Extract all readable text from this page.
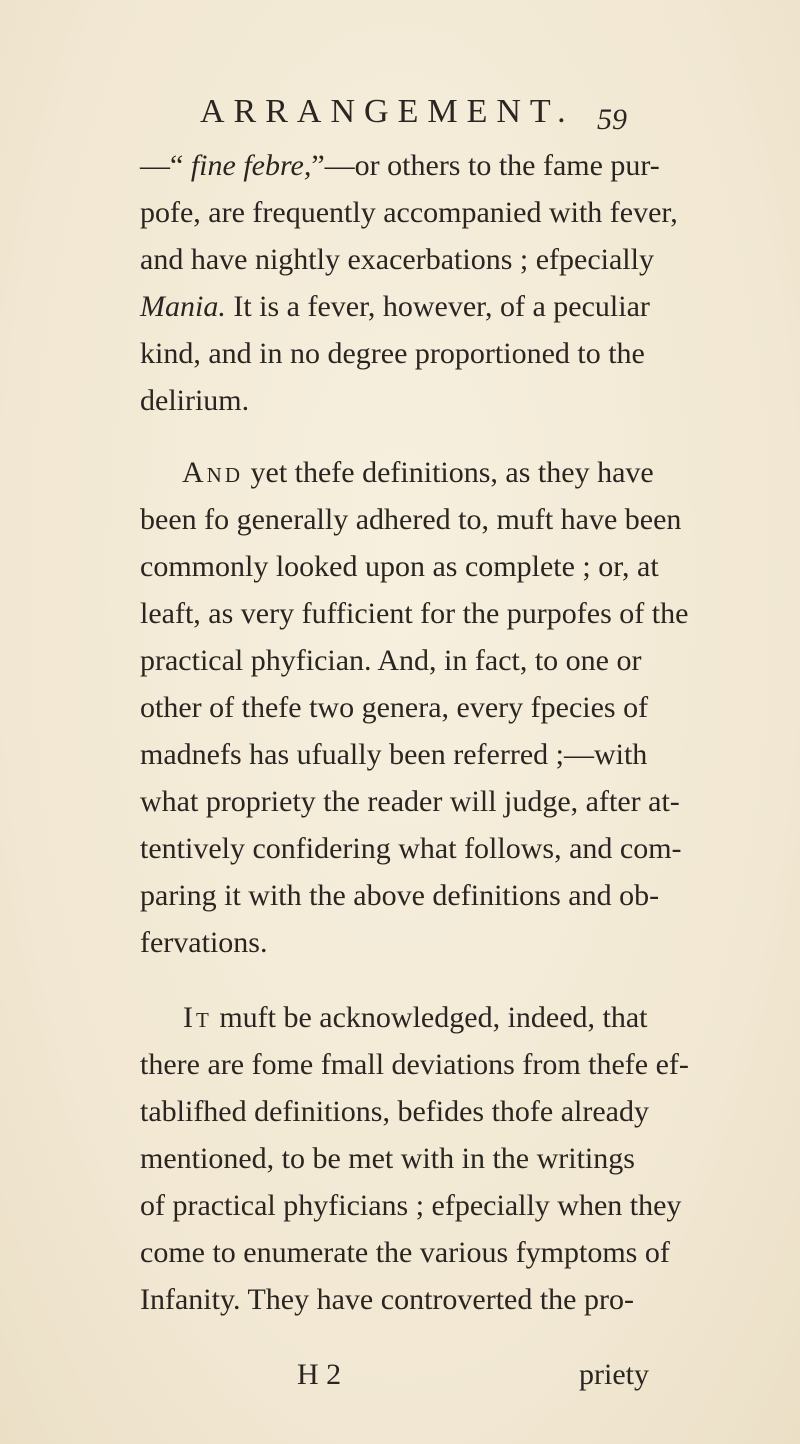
ARRANGEMENT. 59
—“ fine febre,”—or others to the fame pur-
pofe, are frequently accompanied with fever,
and have nightly exacerbations ; efpecially
Mania. It is a fever, however, of a peculiar
kind, and in no degree proportioned to the
delirium.
And yet thefe definitions, as they have
been fo generally adhered to, muft have been
commonly looked upon as complete ; or, at
leaft, as very fufficient for the purpofes of the
practical phyfician. And, in fact, to one or
other of thefe two genera, every fpecies of
madnefs has ufually been referred ;—with
what propriety the reader will judge, after at-
tentively confidering what follows, and com-
paring it with the above definitions and ob-
fervations.
It muft be acknowledged, indeed, that
there are fome fmall deviations from thefe ef-
tablifhed definitions, befides thofe already
mentioned, to be met with in the writings
of practical phyficians ; efpecially when they
come to enumerate the various fymptoms of
Infanity. They have controverted the pro-
H 2	priety
